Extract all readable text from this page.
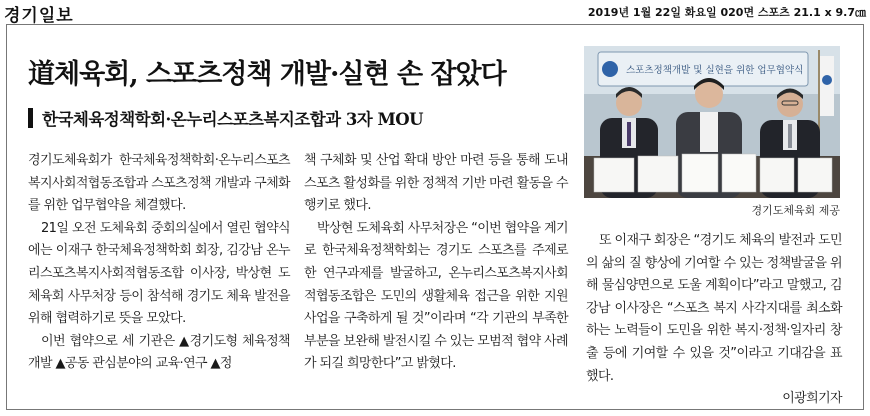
경기일보	2019년 1월 22일 화요일 020면 스포츠 21.1 x 9.7㎝
道체육회, 스포츠정책 개발·실현 손 잡았다
한국체육정책학회·온누리스포츠복지조합과 3자 MOU

경기도체육회가 한국체육정책학회·온누리스포츠복지사회적협동조합과 스포츠정책 개발과 구체화를 위한 업무협약을 체결했다.

21일 오전 도체육회 중회의실에서 열린 협약식에는 이재구 한국체육정책학회 회장, 김강남 온누리스포츠복지사회적협동조합 이사장, 박상현 도체육회 사무처장 등이 참석해 경기도 체육 발전을 위해 협력하기로 뜻을 모았다.

이번 협약으로 세 기관은 ▲경기도형 체육정책 개발 ▲공동 관심분야의 교육·연구 ▲정

책 구체화 및 산업 확대 방안 마련 등을 통해 도내 스포츠 활성화를 위한 정책적 기반 마련 활동을 수행키로 했다.

박상현 도체육회 사무처장은 “이번 협약을 계기로 한국체육정책학회는 경기도 스포츠를 주제로 한 연구과제를 발굴하고, 온누리스포츠복지사회적협동조합은 도민의 생활체육 접근을 위한 지원사업을 구축하게 될 것”이라며 “각 기관의 부족한 부분을 보완해 발전시킬 수 있는 모범적 협약 사례가 되길 희망한다”고 밝혔다.

스포츠정책개발 및 실현을 위한 업무협약식
경기도체육회 제공

또 이재구 회장은 “경기도 체육의 발전과 도민의 삶의 질 향상에 기여할 수 있는 정책발굴을 위해 물심양면으로 도울 계획이다”라고 말했고, 김강남 이사장은 “스포츠 복지 사각지대를 최소화하는 노력들이 도민을 위한 복지·정책·일자리 창출 등에 기여할 수 있을 것”이라고 기대감을 표했다.

이광희기자
